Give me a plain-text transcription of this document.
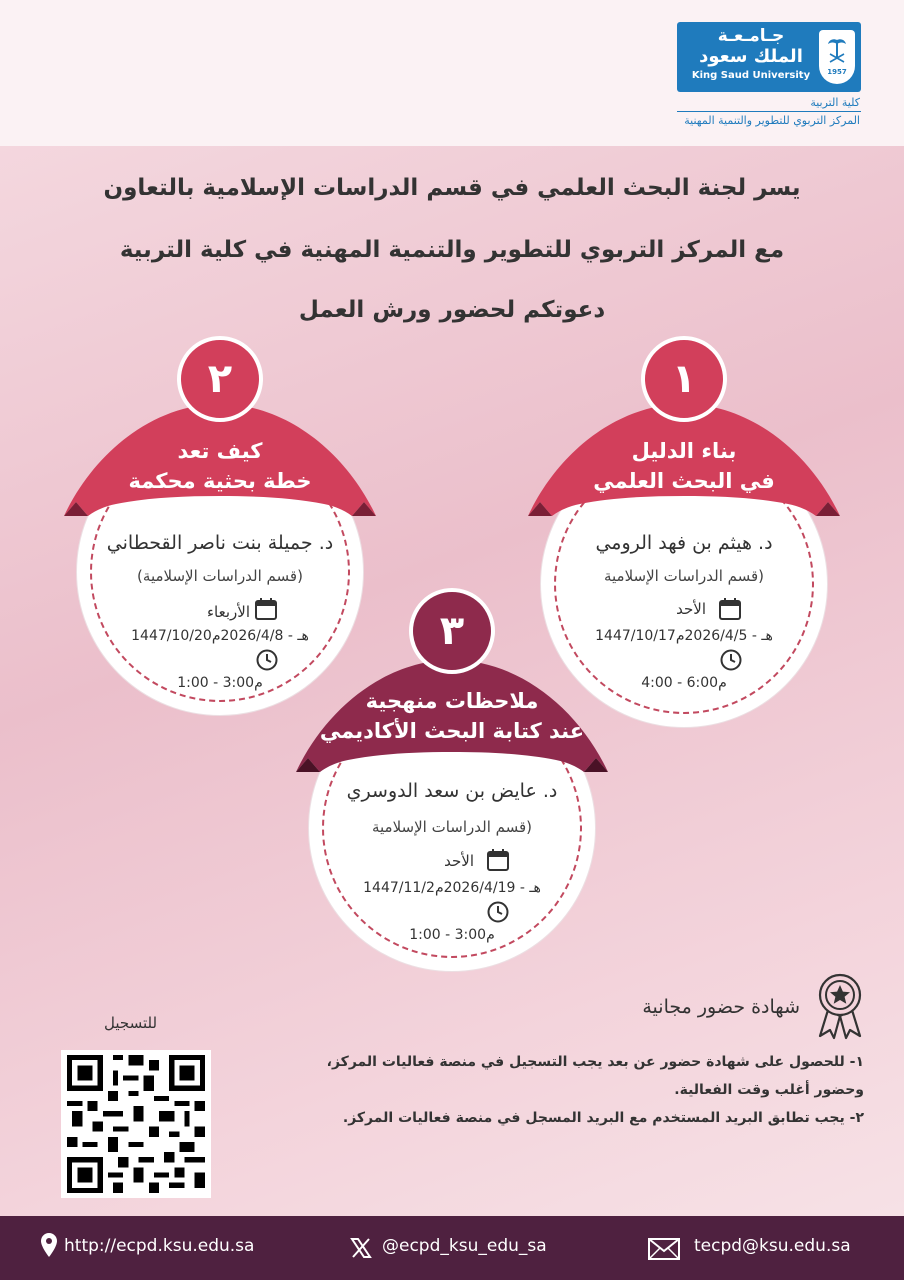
جـامـعـة
الملك سعود
King Saud University	1957
كلية التربية
المركز التربوي للتطوير والتنمية المهنية
يسر لجنة البحث العلمي في قسم الدراسات الإسلامية بالتعاون
مع المركز التربوي للتطوير والتنمية المهنية في كلية التربية
دعوتكم لحضور ورش العمل
١
بناء الدليل
في البحث العلمي
د. هيثم بن فهد الرومي
(قسم الدراسات الإسلامية
الأحد
1447/10/17هـ - 2026/4/5م
4:00 - 6:00م
٢
كيف تعد
خطة بحثية محكمة
د. جميلة بنت ناصر القحطاني
(قسم الدراسات الإسلامية)
الأربعاء
1447/10/20هـ - 2026/4/8م
1:00 - 3:00م
٣
ملاحظات منهجية
عند كتابة البحث الأكاديمي
د. عايض بن سعد الدوسري
(قسم الدراسات الإسلامية
الأحد
1447/11/2هـ - 2026/4/19م
1:00 - 3:00م
شهادة حضور مجانية
١- للحصول على شهادة حضور عن بعد يجب التسجيل في منصة فعاليات المركز،
وحضور أغلب وقت الفعالية.
٢- يجب تطابق البريد المستخدم مع البريد المسجل في منصة فعاليات المركز.
للتسجيل
http://ecpd.ksu.edu.sa	@ecpd_ksu_edu_sa	tecpd@ksu.edu.sa
